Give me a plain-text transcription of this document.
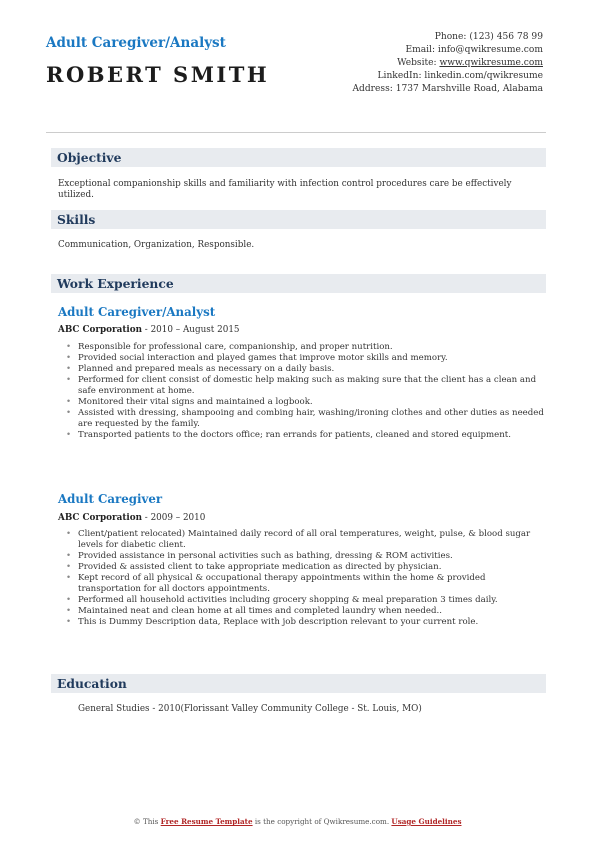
Adult Caregiver/Analyst
ROBERT SMITH
Phone: (123) 456 78 99
Email: info@qwikresume.com
Website: www.qwikresume.com
LinkedIn: linkedin.com/qwikresume
Address: 1737 Marshville Road, Alabama
Objective
Exceptional companionship skills and familiarity with infection control procedures care be effectively utilized.
Skills
Communication, Organization, Responsible.
Work Experience
Adult Caregiver/Analyst
ABC Corporation - 2010 – August 2015
• Responsible for professional care, companionship, and proper nutrition.
• Provided social interaction and played games that improve motor skills and memory.
• Planned and prepared meals as necessary on a daily basis.
• Performed for client consist of domestic help making such as making sure that the client has a clean and safe environment at home.
• Monitored their vital signs and maintained a logbook.
• Assisted with dressing, shampooing and combing hair, washing/ironing clothes and other duties as needed are requested by the family.
• Transported patients to the doctors office; ran errands for patients, cleaned and stored equipment.
Adult Caregiver
ABC Corporation - 2009 – 2010
• Client/patient relocated) Maintained daily record of all oral temperatures, weight, pulse, & blood sugar levels for diabetic client.
• Provided assistance in personal activities such as bathing, dressing & ROM activities.
• Provided & assisted client to take appropriate medication as directed by physician.
• Kept record of all physical & occupational therapy appointments within the home & provided transportation for all doctors appointments.
• Performed all household activities including grocery shopping & meal preparation 3 times daily.
• Maintained neat and clean home at all times and completed laundry when needed..
• This is Dummy Description data, Replace with job description relevant to your current role.
Education
General Studies - 2010(Florissant Valley Community College - St. Louis, MO)
© This Free Resume Template is the copyright of Qwikresume.com. Usage Guidelines
